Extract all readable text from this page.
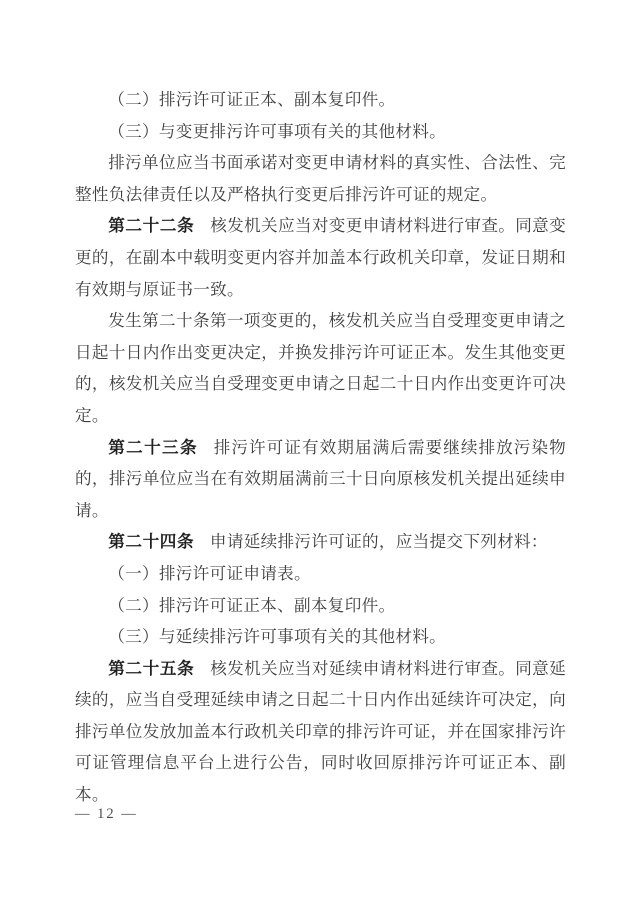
（二）排污许可证正本、副本复印件。

（三）与变更排污许可事项有关的其他材料。

排污单位应当书面承诺对变更申请材料的真实性、合法性、完整性负法律责任以及严格执行变更后排污许可证的规定。

第二十二条 核发机关应当对变更申请材料进行审查。同意变更的，在副本中载明变更内容并加盖本行政机关印章，发证日期和有效期与原证书一致。

发生第二十条第一项变更的，核发机关应当自受理变更申请之日起十日内作出变更决定，并换发排污许可证正本。发生其他变更的，核发机关应当自受理变更申请之日起二十日内作出变更许可决定。

第二十三条 排污许可证有效期届满后需要继续排放污染物的，排污单位应当在有效期届满前三十日向原核发机关提出延续申请。

第二十四条 申请延续排污许可证的，应当提交下列材料：

（一）排污许可证申请表。

（二）排污许可证正本、副本复印件。

（三）与延续排污许可事项有关的其他材料。

第二十五条 核发机关应当对延续申请材料进行审查。同意延续的，应当自受理延续申请之日起二十日内作出延续许可决定，向排污单位发放加盖本行政机关印章的排污许可证，并在国家排污许可证管理信息平台上进行公告，同时收回原排污许可证正本、副本。

— 12 —
